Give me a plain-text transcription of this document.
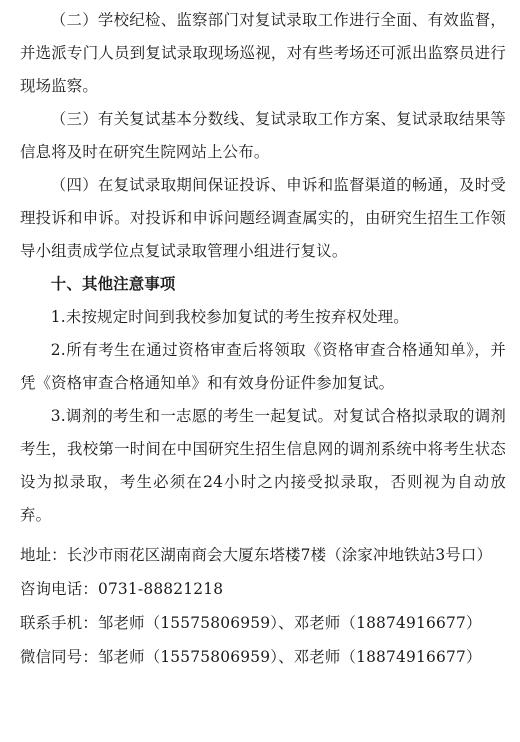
（二）学校纪检、监察部门对复试录取工作进行全面、有效监督，并选派专门人员到复试录取现场巡视，对有些考场还可派出监察员进行现场监察。

（三）有关复试基本分数线、复试录取工作方案、复试录取结果等信息将及时在研究生院网站上公布。

（四）在复试录取期间保证投诉、申诉和监督渠道的畅通，及时受理投诉和申诉。对投诉和申诉问题经调查属实的，由研究生招生工作领导小组责成学位点复试录取管理小组进行复议。

十、其他注意事项

1.未按规定时间到我校参加复试的考生按弃权处理。

2.所有考生在通过资格审查后将领取《资格审查合格通知单》，并凭《资格审查合格通知单》和有效身份证件参加复试。

3.调剂的考生和一志愿的考生一起复试。对复试合格拟录取的调剂考生，我校第一时间在中国研究生招生信息网的调剂系统中将考生状态设为拟录取，考生必须在24小时之内接受拟录取，否则视为自动放弃。

地址：长沙市雨花区湖南商会大厦东塔楼7楼（涂家冲地铁站3号口）

咨询电话：0731-88821218

联系手机：邹老师（15575806959）、邓老师（18874916677）

微信同号：邹老师（15575806959）、邓老师（18874916677）
